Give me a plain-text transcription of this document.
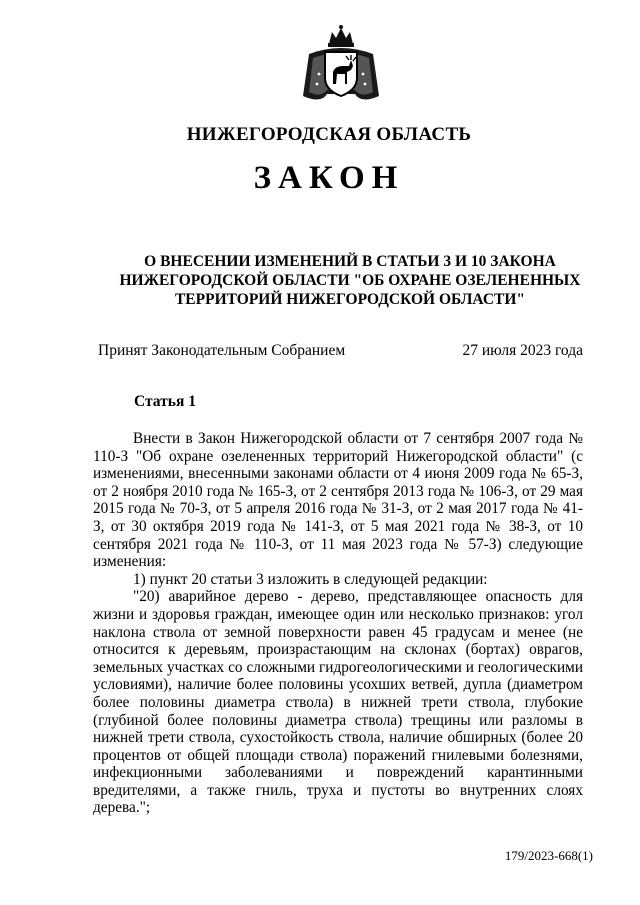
НИЖЕГОРОДСКАЯ ОБЛАСТЬ
ЗАКОН
О ВНЕСЕНИИ ИЗМЕНЕНИЙ В СТАТЬИ 3 И 10 ЗАКОНА
НИЖЕГОРОДСКОЙ ОБЛАСТИ "ОБ ОХРАНЕ ОЗЕЛЕНЕННЫХ
ТЕРРИТОРИЙ НИЖЕГОРОДСКОЙ ОБЛАСТИ"
Принят Законодательным Собранием	27 июля 2023 года
Статья 1

Внести в Закон Нижегородской области от 7 сентября 2007 года № 110-З "Об охране озелененных территорий Нижегородской области" (с изменениями, внесенными законами области от 4 июня 2009 года № 65-З, от 2 ноября 2010 года № 165-З, от 2 сентября 2013 года № 106-З, от 29 мая 2015 года № 70-З, от 5 апреля 2016 года № 31-З, от 2 мая 2017 года № 41-З, от 30 октября 2019 года № 141-З, от 5 мая 2021 года № 38-З, от 10 сентября 2021 года № 110-З, от 11 мая 2023 года № 57-З) следующие изменения:

1) пункт 20 статьи 3 изложить в следующей редакции:

"20) аварийное дерево - дерево, представляющее опасность для жизни и здоровья граждан, имеющее один или несколько признаков: угол наклона ствола от земной поверхности равен 45 градусам и менее (не относится к деревьям, произрастающим на склонах (бортах) оврагов, земельных участках со сложными гидрогеологическими и геологическими условиями), наличие более половины усохших ветвей, дупла (диаметром более половины диаметра ствола) в нижней трети ствола, глубокие (глубиной более половины диаметра ствола) трещины или разломы в нижней трети ствола, сухостойкость ствола, наличие обширных (более 20 процентов от общей площади ствола) поражений гнилевыми болезнями, инфекционными заболеваниями и повреждений карантинными вредителями, а также гниль, труха и пустоты во внутренних слоях дерева.";

179/2023-668(1)
